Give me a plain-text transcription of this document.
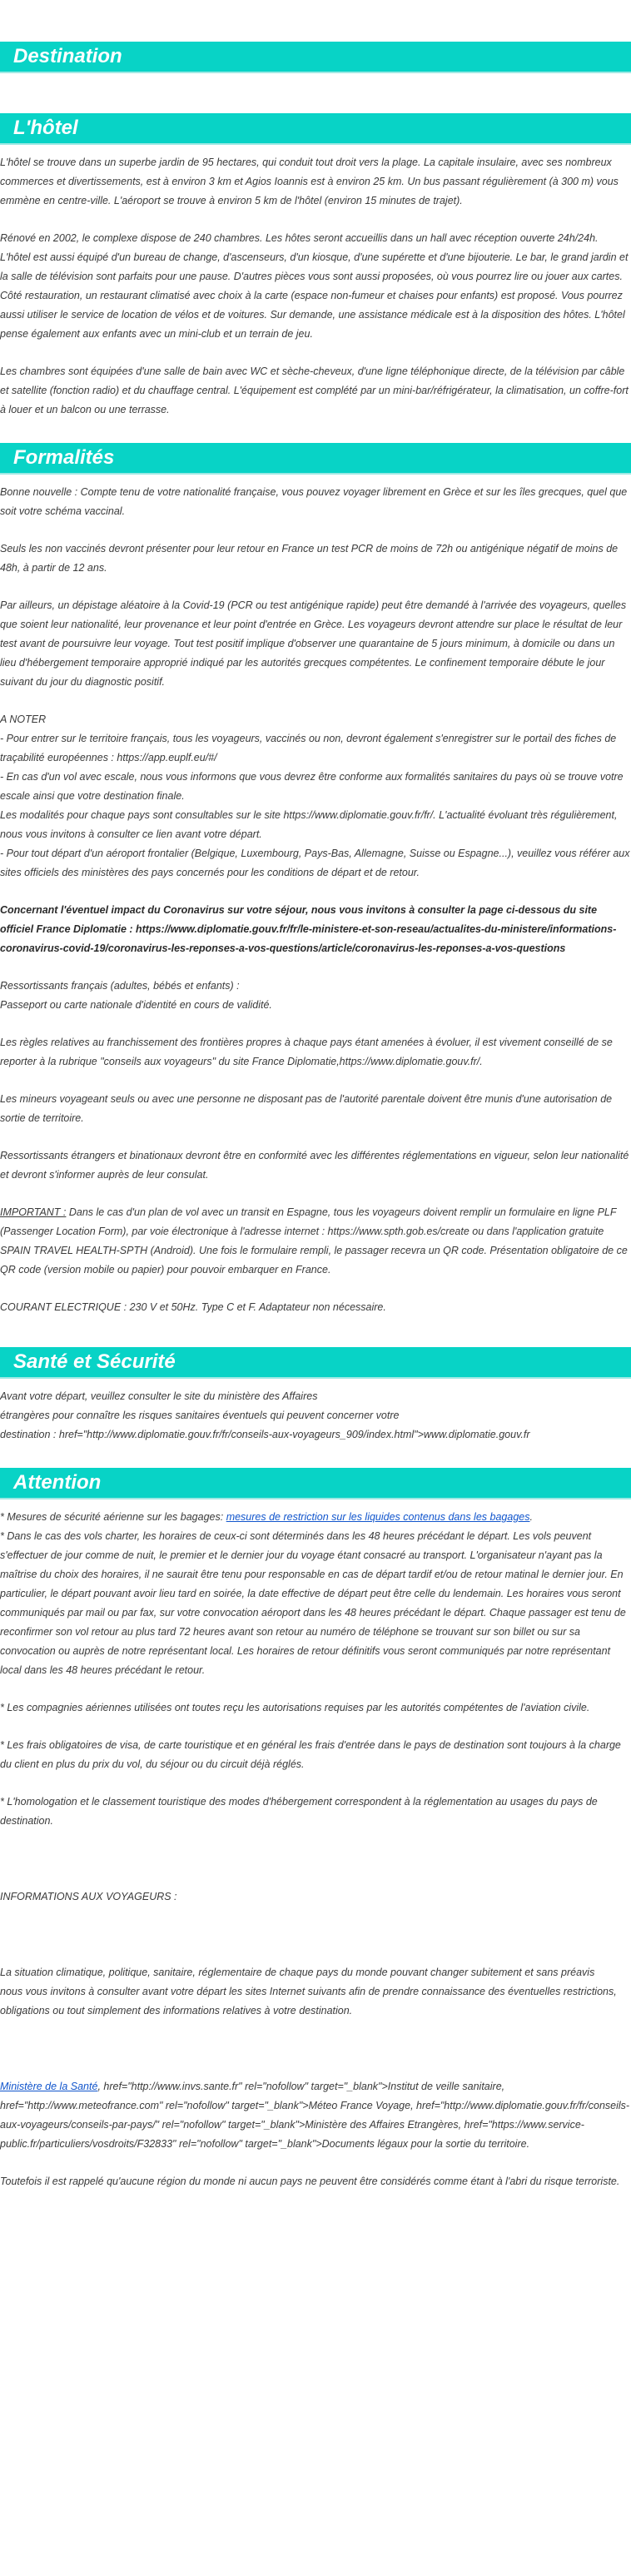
Destination
L'hôtel

L'hôtel se trouve dans un superbe jardin de 95 hectares, qui conduit tout droit vers la plage. La capitale insulaire, avec ses nombreux commerces et divertissements, est à environ 3 km et Agios Ioannis est à environ 25 km. Un bus passant régulièrement (à 300 m) vous emmène en centre-ville. L'aéroport se trouve à environ 5 km de l'hôtel (environ 15 minutes de trajet).

Rénové en 2002, le complexe dispose de 240 chambres. Les hôtes seront accueillis dans un hall avec réception ouverte 24h/24h. L'hôtel est aussi équipé d'un bureau de change, d'ascenseurs, d'un kiosque, d'une supérette et d'une bijouterie. Le bar, le grand jardin et la salle de télévision sont parfaits pour une pause. D'autres pièces vous sont aussi proposées, où vous pourrez lire ou jouer aux cartes. Côté restauration, un restaurant climatisé avec choix à la carte (espace non-fumeur et chaises pour enfants) est proposé. Vous pourrez aussi utiliser le service de location de vélos et de voitures. Sur demande, une assistance médicale est à la disposition des hôtes. L'hôtel pense également aux enfants avec un mini-club et un terrain de jeu.

Les chambres sont équipées d'une salle de bain avec WC et sèche-cheveux, d'une ligne téléphonique directe, de la télévision par câble et satellite (fonction radio) et du chauffage central. L'équipement est complété par un mini-bar/réfrigérateur, la climatisation, un coffre-fort à louer et un balcon ou une terrasse.

Formalités

Bonne nouvelle : Compte tenu de votre nationalité française, vous pouvez voyager librement en Grèce et sur les îles grecques, quel que soit votre schéma vaccinal.

Seuls les non vaccinés devront présenter pour leur retour en France un test PCR de moins de 72h ou antigénique négatif de moins de 48h, à partir de 12 ans.

Par ailleurs, un dépistage aléatoire à la Covid-19 (PCR ou test antigénique rapide) peut être demandé à l'arrivée des voyageurs, quelles que soient leur nationalité, leur provenance et leur point d'entrée en Grèce. Les voyageurs devront attendre sur place le résultat de leur test avant de poursuivre leur voyage. Tout test positif implique d'observer une quarantaine de 5 jours minimum, à domicile ou dans un lieu d'hébergement temporaire approprié indiqué par les autorités grecques compétentes. Le confinement temporaire débute le jour suivant du jour du diagnostic positif.

A NOTER
- Pour entrer sur le territoire français, tous les voyageurs, vaccinés ou non, devront également s'enregistrer sur le portail des fiches de traçabilité européennes : https://app.euplf.eu/#/
- En cas d'un vol avec escale, nous vous informons que vous devrez être conforme aux formalités sanitaires du pays où se trouve votre escale ainsi que votre destination finale.
Les modalités pour chaque pays sont consultables sur le site https://www.diplomatie.gouv.fr/fr/. L'actualité évoluant très régulièrement, nous vous invitons à consulter ce lien avant votre départ.
- Pour tout départ d'un aéroport frontalier (Belgique, Luxembourg, Pays-Bas, Allemagne, Suisse ou Espagne...), veuillez vous référer aux sites officiels des ministères des pays concernés pour les conditions de départ et de retour.

Concernant l'éventuel impact du Coronavirus sur votre séjour, nous vous invitons à consulter la page ci-dessous du site officiel France Diplomatie : https://www.diplomatie.gouv.fr/fr/le-ministere-et-son-reseau/actualites-du-ministere/informations-coronavirus-covid-19/coronavirus-les-reponses-a-vos-questions/article/coronavirus-les-reponses-a-vos-questions

Ressortissants français (adultes, bébés et enfants) :
Passeport ou carte nationale d'identité en cours de validité.

Les règles relatives au franchissement des frontières propres à chaque pays étant amenées à évoluer, il est vivement conseillé de se reporter à la rubrique "conseils aux voyageurs" du site France Diplomatie,https://www.diplomatie.gouv.fr/.

Les mineurs voyageant seuls ou avec une personne ne disposant pas de l'autorité parentale doivent être munis d'une autorisation de sortie de territoire.

Ressortissants étrangers et binationaux devront être en conformité avec les différentes réglementations en vigueur, selon leur nationalité et devront s'informer auprès de leur consulat.

IMPORTANT : Dans le cas d'un plan de vol avec un transit en Espagne, tous les voyageurs doivent remplir un formulaire en ligne PLF (Passenger Location Form), par voie électronique à l'adresse internet : https://www.spth.gob.es/create ou dans l'application gratuite SPAIN TRAVEL HEALTH-SPTH (Android). Une fois le formulaire rempli, le passager recevra un QR code. Présentation obligatoire de ce QR code (version mobile ou papier) pour pouvoir embarquer en France.

COURANT ELECTRIQUE : 230 V et 50Hz. Type C et F. Adaptateur non nécessaire.

Santé et Sécurité
Avant votre départ, veuillez consulter le site du ministère des Affaires
étrangères pour connaître les risques sanitaires éventuels qui peuvent concerner votre
destination : href="http://www.diplomatie.gouv.fr/fr/conseils-aux-voyageurs_909/index.html">www.diplomatie.gouv.fr
Attention
* Mesures de sécurité aérienne sur les bagages: mesures de restriction sur les liquides contenus dans les bagages.

* Dans le cas des vols charter, les horaires de ceux-ci sont déterminés dans les 48 heures précédant le départ. Les vols peuvent s'effectuer de jour comme de nuit, le premier et le dernier jour du voyage étant consacré au transport. L'organisateur n'ayant pas la maîtrise du choix des horaires, il ne saurait être tenu pour responsable en cas de départ tardif et/ou de retour matinal le dernier jour. En particulier, le départ pouvant avoir lieu tard en soirée, la date effective de départ peut être celle du lendemain. Les horaires vous seront communiqués par mail ou par fax, sur votre convocation aéroport dans les 48 heures précédant le départ. Chaque passager est tenu de reconfirmer son vol retour au plus tard 72 heures avant son retour au numéro de téléphone se trouvant sur son billet ou sur sa convocation ou auprès de notre représentant local. Les horaires de retour définitifs vous seront communiqués par notre représentant local dans les 48 heures précédant le retour.

* Les compagnies aériennes utilisées ont toutes reçu les autorisations requises par les autorités compétentes de l'aviation civile.

* Les frais obligatoires de visa, de carte touristique et en général les frais d'entrée dans le pays de destination sont toujours à la charge du client en plus du prix du vol, du séjour ou du circuit déjà réglés.

* L'homologation et le classement touristique des modes d'hébergement correspondent à la réglementation au usages du pays de destination.

INFORMATIONS AUX VOYAGEURS :

La situation climatique, politique, sanitaire, réglementaire de chaque pays du monde pouvant changer subitement et sans préavis
nous vous invitons à consulter avant votre départ les sites Internet suivants afin de prendre connaissance des éventuelles restrictions, obligations ou tout simplement des informations relatives à votre destination.

Ministère de la Santé, href="http://www.invs.sante.fr" rel="nofollow" target="_blank">Institut de veille sanitaire, href="http://www.meteofrance.com" rel="nofollow" target="_blank">Méteo France Voyage, href="http://www.diplomatie.gouv.fr/fr/conseils-aux-voyageurs/conseils-par-pays/" rel="nofollow" target="_blank">Ministère des Affaires Etrangères, href="https://www.service-public.fr/particuliers/vosdroits/F32833" rel="nofollow" target="_blank">Documents légaux pour la sortie du territoire.

Toutefois il est rappelé qu'aucune région du monde ni aucun pays ne peuvent être considérés comme étant à l'abri du risque terroriste.
